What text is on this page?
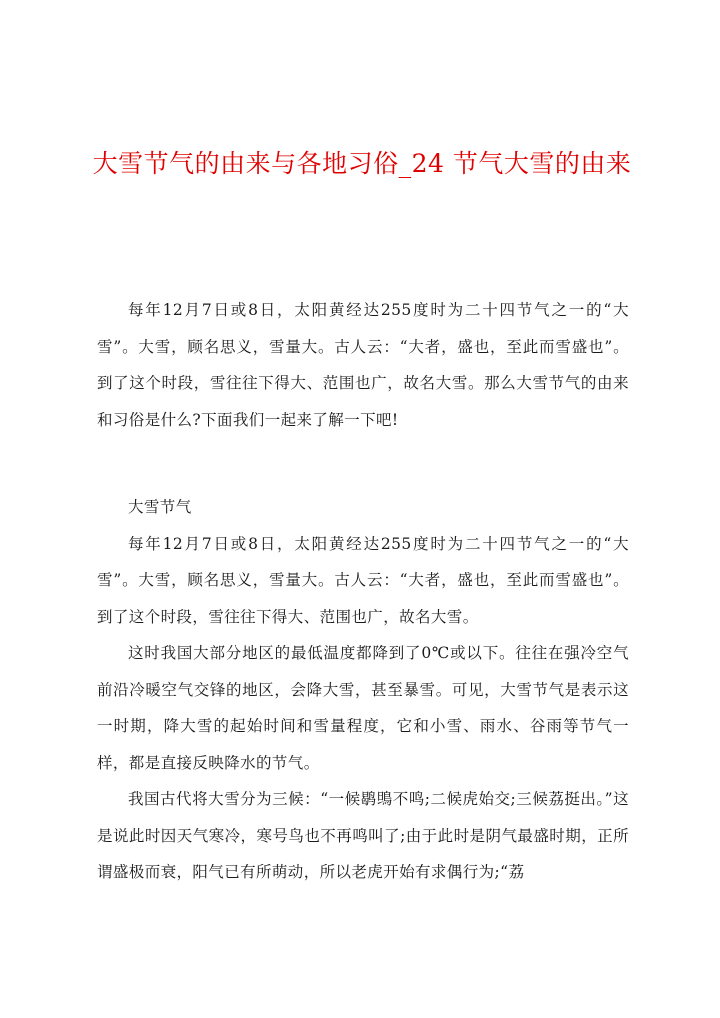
大雪节气的由来与各地习俗_24 节气大雪的由来

每年12月7日或8日，太阳黄经达255度时为二十四节气之一的“大雪”。大雪，顾名思义，雪量大。古人云：“大者，盛也，至此而雪盛也”。到了这个时段，雪往往下得大、范围也广，故名大雪。那么大雪节气的由来和习俗是什么?下面我们一起来了解一下吧!

大雪节气

每年12月7日或8日，太阳黄经达255度时为二十四节气之一的“大雪”。大雪，顾名思义，雪量大。古人云：“大者，盛也，至此而雪盛也”。到了这个时段，雪往往下得大、范围也广，故名大雪。

这时我国大部分地区的最低温度都降到了0℃或以下。往往在强冷空气前沿冷暖空气交锋的地区，会降大雪，甚至暴雪。可见，大雪节气是表示这一时期，降大雪的起始时间和雪量程度，它和小雪、雨水、谷雨等节气一样，都是直接反映降水的节气。

我国古代将大雪分为三候：“一候鹖鴠不鸣;二候虎始交;三候荔挺出。”这是说此时因天气寒冷，寒号鸟也不再鸣叫了;由于此时是阴气最盛时期，正所谓盛极而衰，阳气已有所萌动，所以老虎开始有求偶行为;“荔
